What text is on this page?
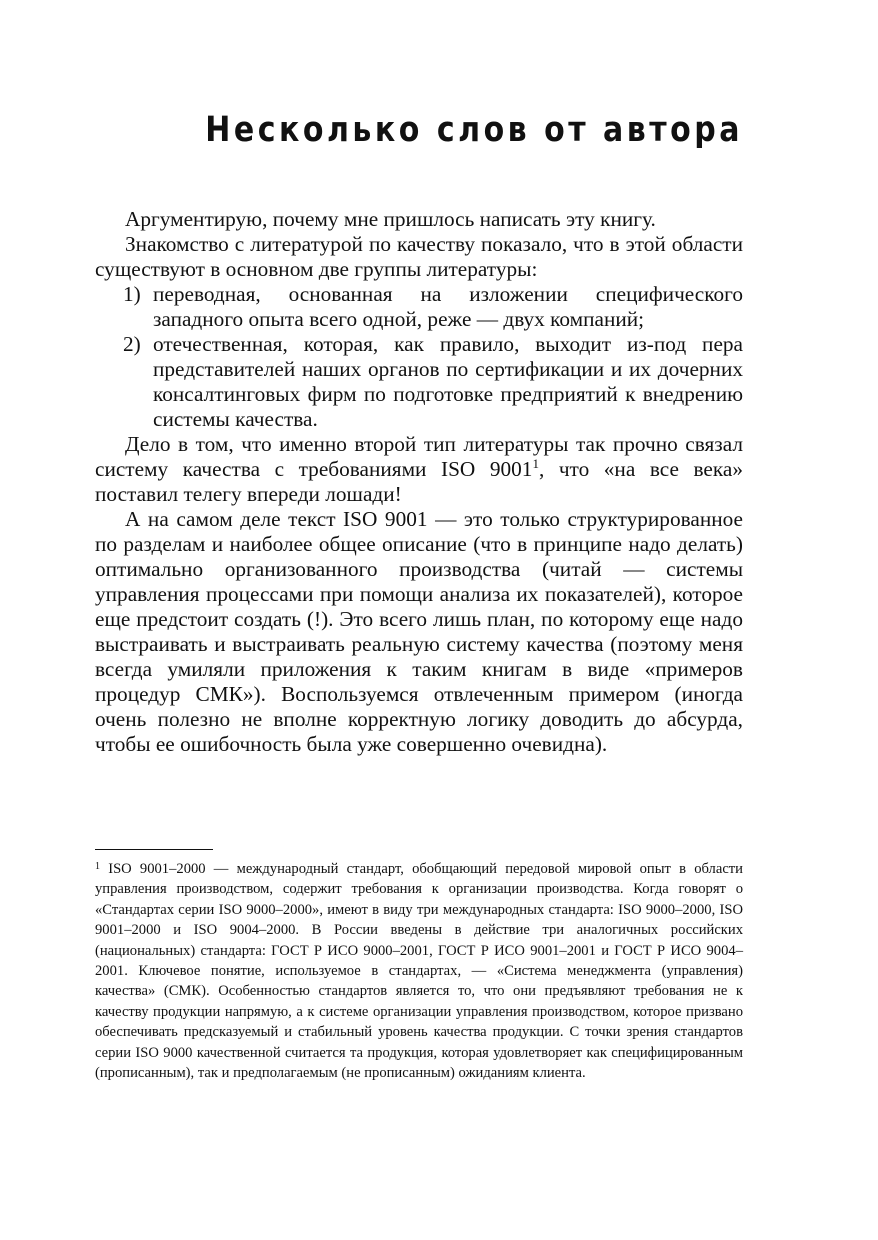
Несколько слов от автора

Аргументирую, почему мне пришлось написать эту книгу.

Знакомство с литературой по качеству показало, что в этой области существуют в основном две группы литературы:

1) переводная, основанная на изложении специфического западного опыта всего одной, реже — двух компаний;
2) отечественная, которая, как правило, выходит из-под пера представителей наших органов по сертификации и их дочерних консалтинговых фирм по подготовке предприятий к внедрению системы качества.

Дело в том, что именно второй тип литературы так прочно связал систему качества с требованиями ISO 9001$^1$, что «на все века» поставил телегу впереди лошади!

А на самом деле текст ISO 9001 — это только структурированное по разделам и наиболее общее описание (что в принципе надо делать) оптимально организованного производства (читай — системы управления процессами при помощи анализа их показателей), которое еще предстоит создать (!). Это всего лишь план, по которому еще надо выстраивать и выстраивать реальную систему качества (поэтому меня всегда умиляли приложения к таким книгам в виде «примеров процедур СМК»). Воспользуемся отвлеченным примером (иногда очень полезно не вполне корректную логику доводить до абсурда, чтобы ее ошибочность была уже совершенно очевидна).

$^1$ ISO 9001–2000 — международный стандарт, обобщающий передовой мировой опыт в области управления производством, содержит требования к организации производства. Когда говорят о «Стандартах серии ISO 9000–2000», имеют в виду три международных стандарта: ISO 9000–2000, ISO 9001–2000 и ISO 9004–2000. В России введены в действие три аналогичных российских (национальных) стандарта: ГОСТ Р ИСО 9000–2001, ГОСТ Р ИСО 9001–2001 и ГОСТ Р ИСО 9004–2001. Ключевое понятие, используемое в стандартах, — «Система менеджмента (управления) качества» (СМК). Особенностью стандартов является то, что они предъявляют требования не к качеству продукции напрямую, а к системе организации управления производством, которое призвано обеспечивать предсказуемый и стабильный уровень качества продукции. С точки зрения стандартов серии ISO 9000 качественной считается та продукция, которая удовлетворяет как специфицированным (прописанным), так и предполагаемым (не прописанным) ожиданиям клиента.
